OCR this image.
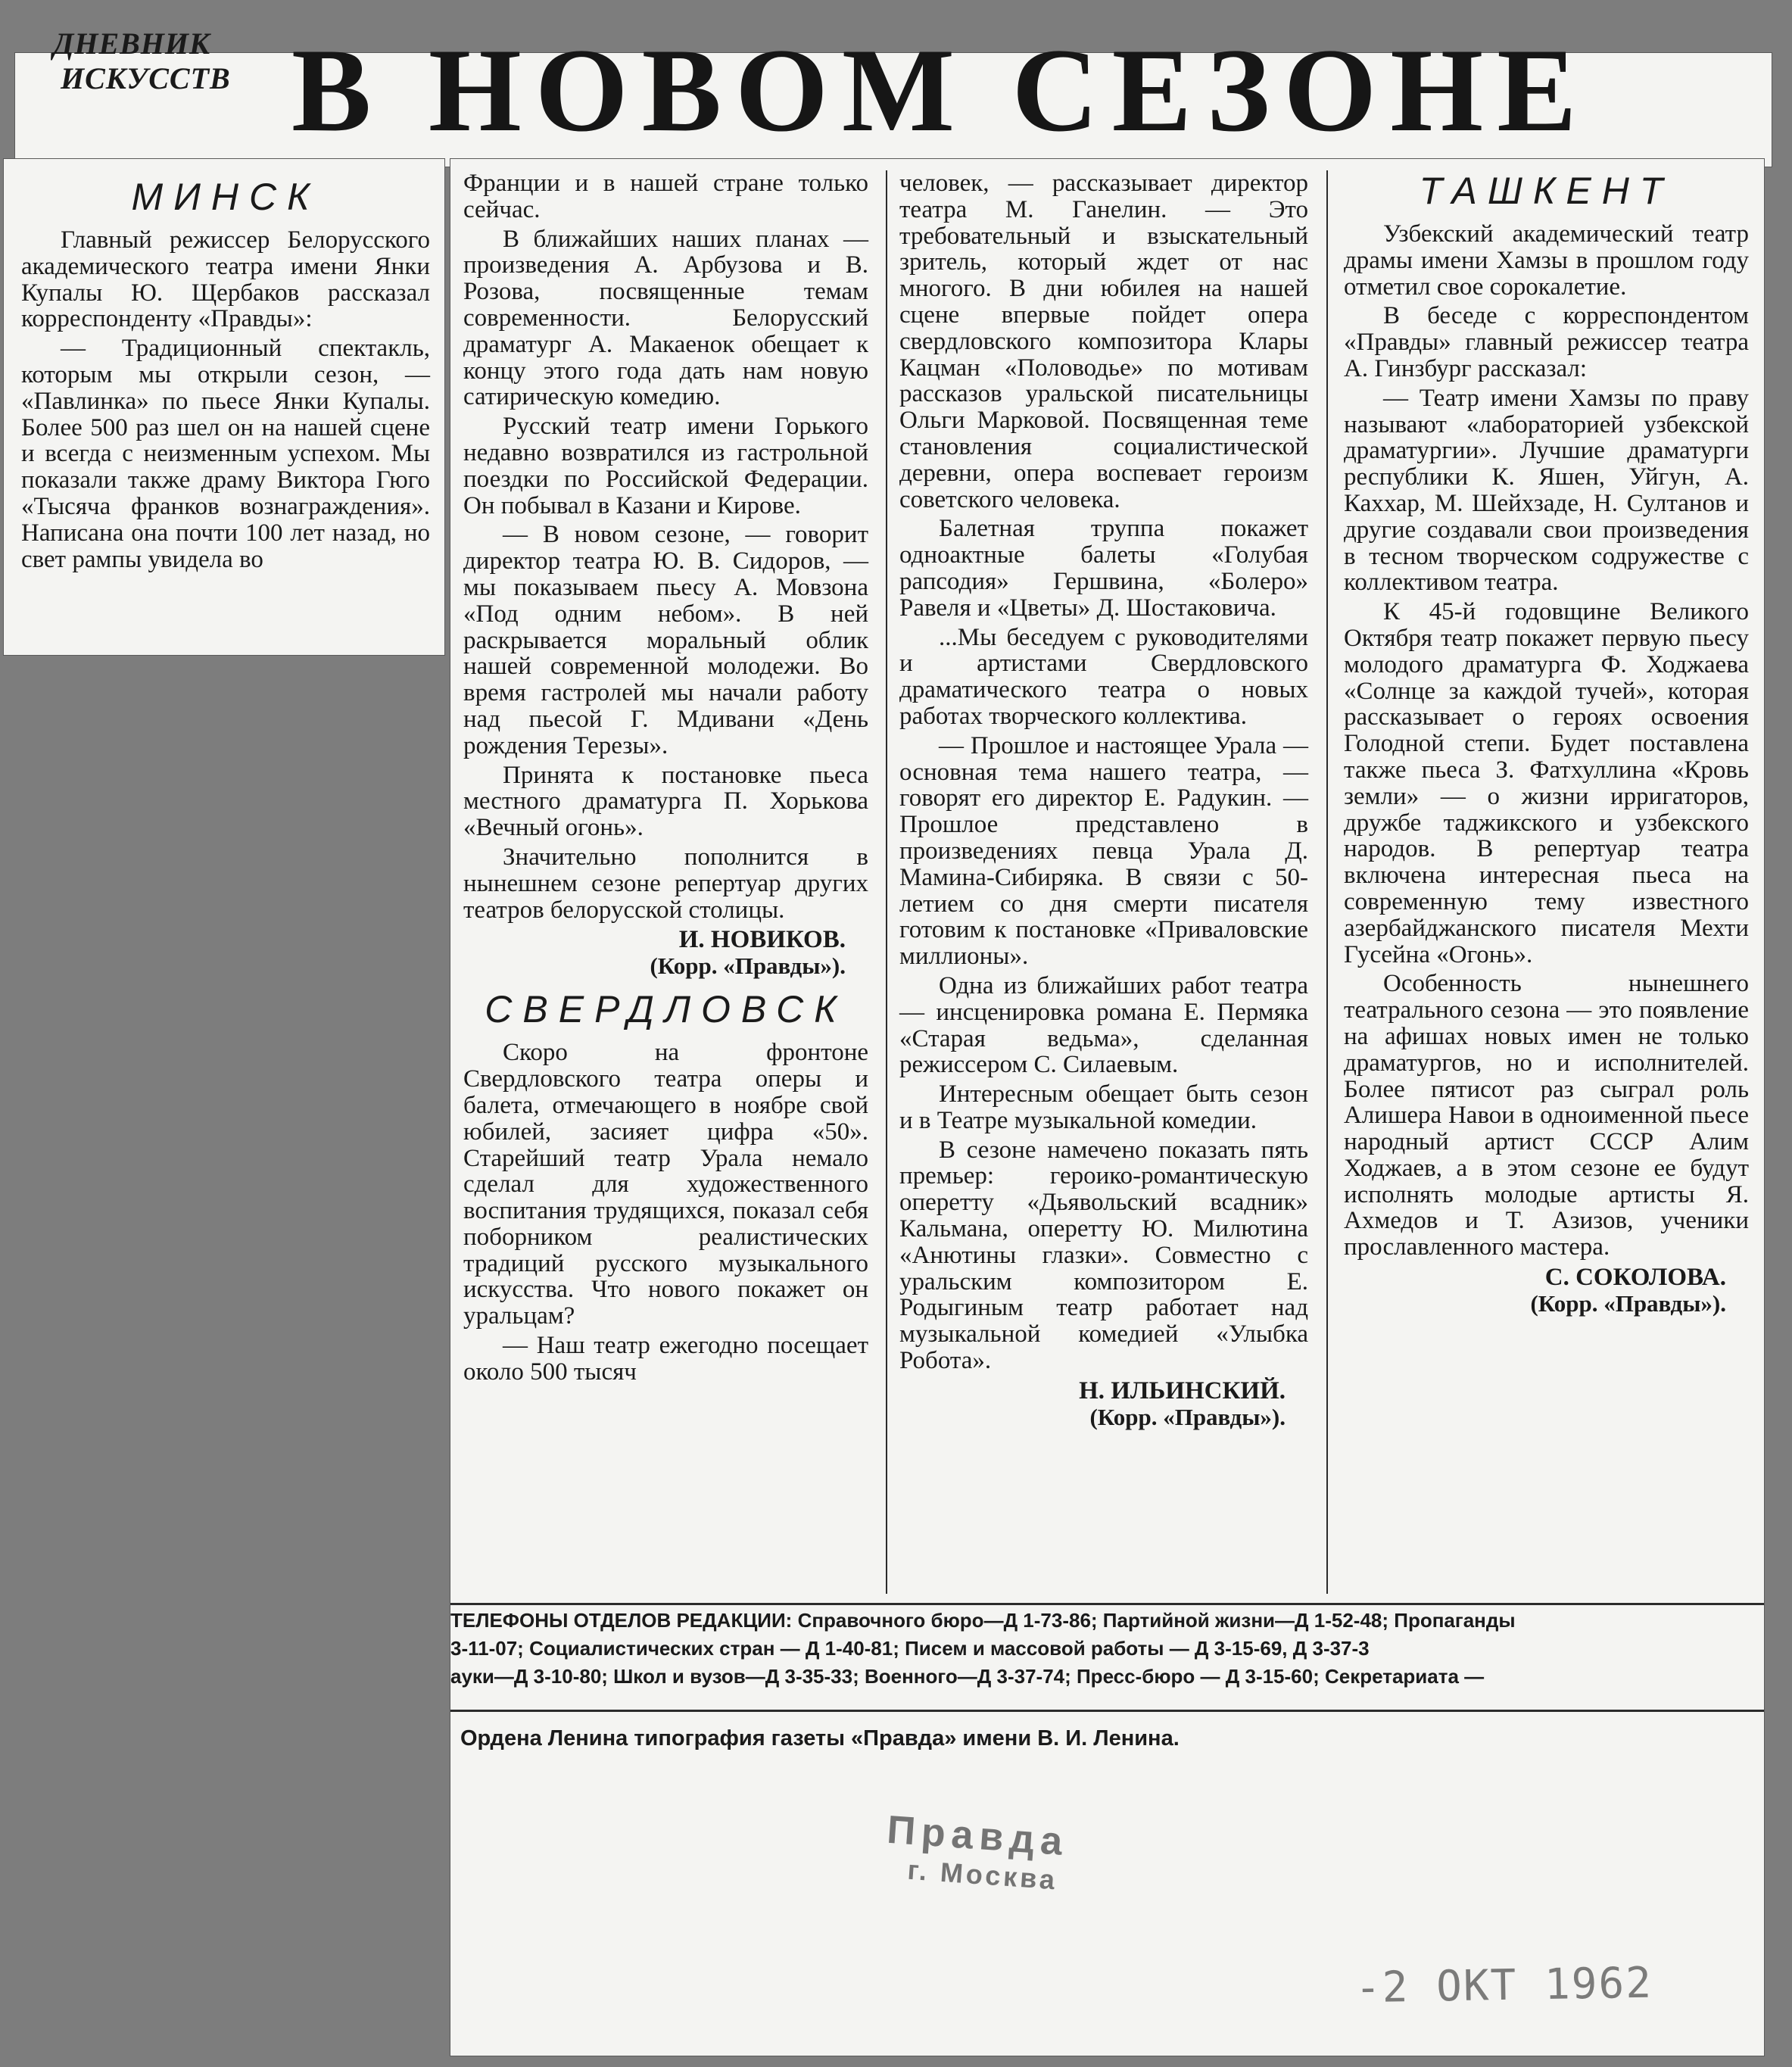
ДНЕВНИК
ИСКУССТВ В НОВОМ СЕЗОНЕ
МИНСК

Главный режиссер Белорусского академического театра имени Янки Купалы Ю. Щербаков рассказал корреспонденту «Правды»:

— Традиционный спектакль, которым мы открыли сезон, — «Павлинка» по пьесе Янки Купалы. Более 500 раз шел он на нашей сцене и всегда с неизменным успехом. Мы показали также драму Виктора Гюго «Тысяча франков вознаграждения». Написана она почти 100 лет назад, но свет рампы увидела во

Франции и в нашей стране только сейчас.

В ближайших наших планах — произведения А. Арбузова и В. Розова, посвященные темам современности. Белорусский драматург А. Макаенок обещает к концу этого года дать нам новую сатирическую комедию.

Русский театр имени Горького недавно возвратился из гастрольной поездки по Российской Федерации. Он побывал в Казани и Кирове.

— В новом сезоне, — говорит директор театра Ю. В. Сидоров, — мы показываем пьесу А. Мовзона «Под одним небом». В ней раскрывается моральный облик нашей современной молодежи. Во время гастролей мы начали работу над пьесой Г. Мдивани «День рождения Терезы».

Принята к постановке пьеса местного драматурга П. Хорькова «Вечный огонь».

Значительно пополнится в нынешнем сезоне репертуар других театров белорусской столицы.

И. НОВИКОВ.
(Корр. «Правды»).
СВЕРДЛОВСК

Скоро на фронтоне Свердловского театра оперы и балета, отмечающего в ноябре свой юбилей, засияет цифра «50». Старейший театр Урала немало сделал для художественного воспитания трудящихся, показал себя поборником реалистических традиций русского музыкального искусства. Что нового покажет он уральцам?

— Наш театр ежегодно посещает около 500 тысяч

человек, — рассказывает директор театра М. Ганелин. — Это требовательный и взыскательный зритель, который ждет от нас многого. В дни юбилея на нашей сцене впервые пойдет опера свердловского композитора Клары Кацман «Половодье» по мотивам рассказов уральской писательницы Ольги Марковой. Посвященная теме становления социалистической деревни, опера воспевает героизм советского человека.

Балетная труппа покажет одноактные балеты «Голубая рапсодия» Гершвина, «Болеро» Равеля и «Цветы» Д. Шостаковича.

...Мы беседуем с руководителями и артистами Свердловского драматического театра о новых работах творческого коллектива.

— Прошлое и настоящее Урала — основная тема нашего театра, — говорят его директор Е. Радукин. — Прошлое представлено в произведениях певца Урала Д. Мамина-Сибиряка. В связи с 50-летием со дня смерти писателя готовим к постановке «Приваловские миллионы».

Одна из ближайших работ театра — инсценировка романа Е. Пермяка «Старая ведьма», сделанная режиссером С. Силаевым.

Интересным обещает быть сезон и в Театре музыкальной комедии.

В сезоне намечено показать пять премьер: героико-романтическую оперетту «Дьявольский всадник» Кальмана, оперетту Ю. Милютина «Анютины глазки». Совместно с уральским композитором Е. Родыгиным театр работает над музыкальной комедией «Улыбка Робота».

Н. ИЛЬИНСКИЙ.
(Корр. «Правды»).
ТАШКЕНТ

Узбекский академический театр драмы имени Хамзы в прошлом году отметил свое сорокалетие.

В беседе с корреспондентом «Правды» главный режиссер театра А. Гинзбург рассказал:

— Театр имени Хамзы по праву называют «лабораторией узбекской драматургии». Лучшие драматурги республики К. Яшен, Уйгун, А. Каххар, М. Шейхзаде, Н. Султанов и другие создавали свои произведения в тесном творческом содружестве с коллективом театра.

К 45-й годовщине Великого Октября театр покажет первую пьесу молодого драматурга Ф. Ходжаева «Солнце за каждой тучей», которая рассказывает о героях освоения Голодной степи. Будет поставлена также пьеса З. Фатхуллина «Кровь земли» — о жизни ирригаторов, дружбе таджикского и узбекского народов. В репертуар театра включена интересная пьеса на современную тему известного азербайджанского писателя Мехти Гусейна «Огонь».

Особенность нынешнего театрального сезона — это появление на афишах новых имен не только драматургов, но и исполнителей. Более пятисот раз сыграл роль Алишера Навои в одноименной пьесе народный артист СССР Алим Ходжаев, а в этом сезоне ее будут исполнять молодые артисты Я. Ахмедов и Т. Азизов, ученики прославленного мастера.

С. СОКОЛОВА.
(Корр. «Правды»).
ТЕЛЕФОНЫ ОТДЕЛОВ РЕДАКЦИИ: Справочного бюро—Д 1-73-86; Партийной жизни—Д 1-52-48; Пропаганды
3-11-07; Социалистических стран — Д 1-40-81; Писем и массовой работы — Д 3-15-69, Д 3-37-3
ауки—Д 3-10-80; Школ и вузов—Д 3-35-33; Военного—Д 3-37-74; Пресс-бюро — Д 3-15-60; Секретариата —
Ордена Ленина типография газеты «Правда» имени В. И. Ленина.
Правда
г. Москва
-2 ОКТ 1962
